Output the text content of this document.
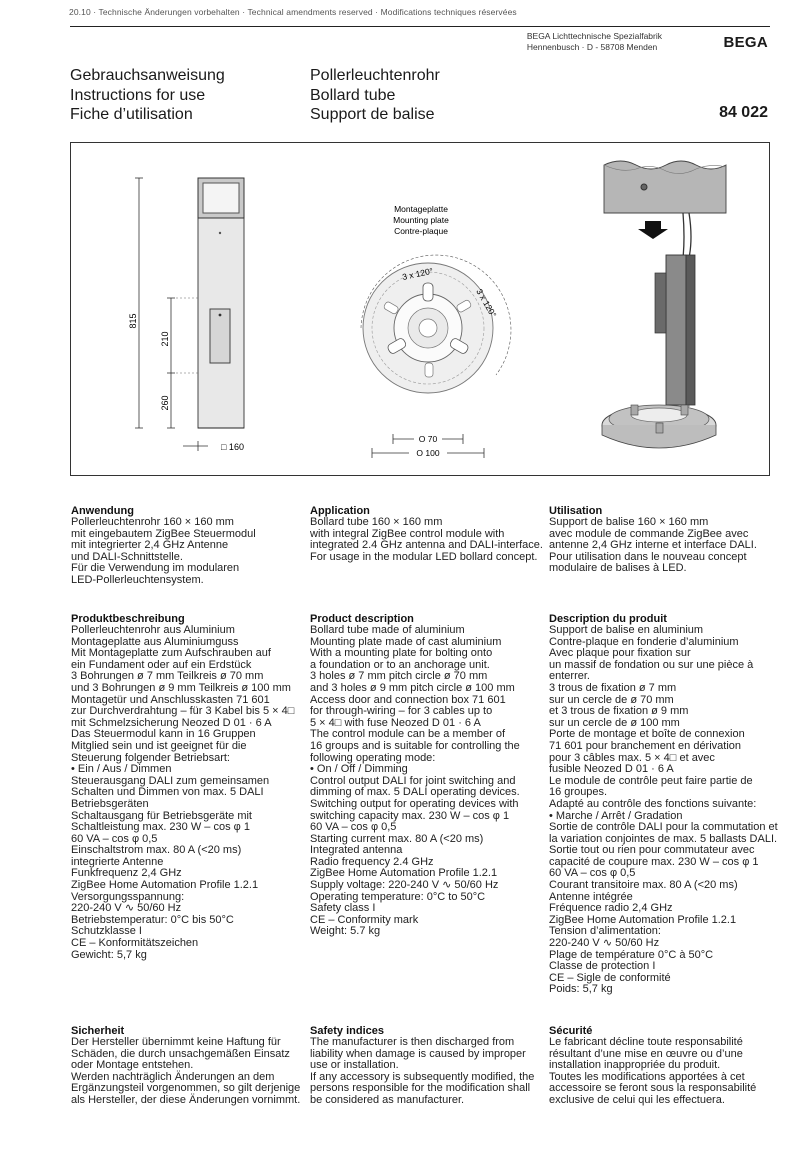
20.10 · Technische Änderungen vorbehalten · Technical amendments reserved · Modifications techniques réservées
BEGA Lichttechnische Spezialfabrik
Hennenbusch · D - 58708 Menden	BEGA
Gebrauchsanweisung
Instructions for use
Fiche d’utilisation
Pollerleuchtenrohr
Bollard tube
Support de balise	84 022
815
210
260
□ 160
Montageplatte
Mounting plate
Contre-plaque
3 x 120°
3 x 120°
O 70
O 100
Anwendung
Pollerleuchtenrohr 160 × 160 mm
mit eingebautem ZigBee Steuermodul
mit integrierter 2,4 GHz Antenne
und DALI-Schnittstelle.
Für die Verwendung im modularen
LED-Pollerleuchtensystem.
Application
Bollard tube 160 × 160 mm
with integral ZigBee control module with
integrated 2.4 GHz antenna and DALI-interface.
For usage in the modular LED bollard concept.
Utilisation
Support de balise 160 × 160 mm
avec module de commande ZigBee avec
antenne 2,4 GHz interne et interface DALI.
Pour utilisation dans le nouveau concept
modulaire de balises à LED.
Produktbeschreibung
Pollerleuchtenrohr aus Aluminium
Montageplatte aus Aluminiumguss
Mit Montageplatte zum Aufschrauben auf
ein Fundament oder auf ein Erdstück
3 Bohrungen ø 7 mm Teilkreis ø 70 mm
und 3 Bohrungen ø 9 mm Teilkreis ø 100 mm
Montagetür und Anschlusskasten 71 601
zur Durchverdrahtung – für 3 Kabel bis 5 × 4□
mit Schmelzsicherung Neozed D 01 · 6 A
Das Steuermodul kann in 16 Gruppen
Mitglied sein und ist geeignet für die
Steuerung folgender Betriebsart:
• Ein / Aus / Dimmen
Steuerausgang DALI zum gemeinsamen
Schalten und Dimmen von max. 5 DALI
Betriebsgeräten
Schaltausgang für Betriebsgeräte mit
Schaltleistung max. 230 W – cos φ 1
60 VA – cos φ 0,5
Einschaltstrom max. 80 A (<20 ms)
integrierte Antenne
Funkfrequenz 2,4 GHz
ZigBee Home Automation Profile 1.2.1
Versorgungsspannung:
220-240 V ∿ 50/60 Hz
Betriebstemperatur: 0°C bis 50°C
Schutzklasse I
CE – Konformitätszeichen
Gewicht: 5,7 kg
Product description
Bollard tube made of aluminium
Mounting plate made of cast aluminium
With a mounting plate for bolting onto
a foundation or to an anchorage unit.
3 holes ø 7 mm pitch circle ø 70 mm
and 3 holes ø 9 mm pitch circle ø 100 mm
Access door and connection box 71 601
for through-wiring – for 3 cables up to
5 × 4□ with fuse Neozed D 01 · 6 A
The control module can be a member of
16 groups and is suitable for controlling the
following operating mode:
• On / Off / Dimming
Control output DALI for joint switching and
dimming of max. 5 DALI operating devices.
Switching output for operating devices with
switching capacity max. 230 W – cos φ 1
60 VA – cos φ 0,5
Starting current max. 80 A (<20 ms)
Integrated antenna
Radio frequency 2.4 GHz
ZigBee Home Automation Profile 1.2.1
Supply voltage: 220-240 V ∿ 50/60 Hz
Operating temperature: 0°C to 50°C
Safety class I
CE – Conformity mark
Weight: 5.7 kg
Description du produit
Support de balise en aluminium
Contre-plaque en fonderie d’aluminium
Avec plaque pour fixation sur
un massif de fondation ou sur une pièce à
enterrer.
3 trous de fixation ø 7 mm
sur un cercle de ø 70 mm
et 3 trous de fixation ø 9 mm
sur un cercle de ø 100 mm
Porte de montage et boîte de connexion
71 601 pour branchement en dérivation
pour 3 câbles max. 5 × 4□ et avec
fusible Neozed D 01 · 6 A
Le module de contrôle peut faire partie de
16 groupes.
Adapté au contrôle des fonctions suivante:
• Marche / Arrêt / Gradation
Sortie de contrôle DALI pour la commutation et
la variation conjointes de max. 5 ballasts DALI.
Sortie tout ou rien pour commutateur avec
capacité de coupure max. 230 W – cos φ 1
60 VA – cos φ 0,5
Courant transitoire max. 80 A (<20 ms)
Antenne intégrée
Fréquence radio 2,4 GHz
ZigBee Home Automation Profile 1.2.1
Tension d’alimentation:
220-240 V ∿ 50/60 Hz
Plage de température 0°C à 50°C
Classe de protection I
CE – Sigle de conformité
Poids: 5,7 kg
Sicherheit
Der Hersteller übernimmt keine Haftung für
Schäden, die durch unsachgemäßen Einsatz
oder Montage entstehen.
Werden nachträglich Änderungen an dem
Ergänzungsteil vorgenommen, so gilt derjenige
als Hersteller, der diese Änderungen vornimmt.
Safety indices
The manufacturer is then discharged from
liability when damage is caused by improper
use or installation.
If any accessory is subsequently modified, the
persons responsible for the modification shall
be considered as manufacturer.
Sécurité
Le fabricant décline toute responsabilité
résultant d’une mise en œuvre ou d’une
installation inappropriée du produit.
Toutes les modifications apportées à cet
accessoire se feront sous la responsabilité
exclusive de celui qui les effectuera.
